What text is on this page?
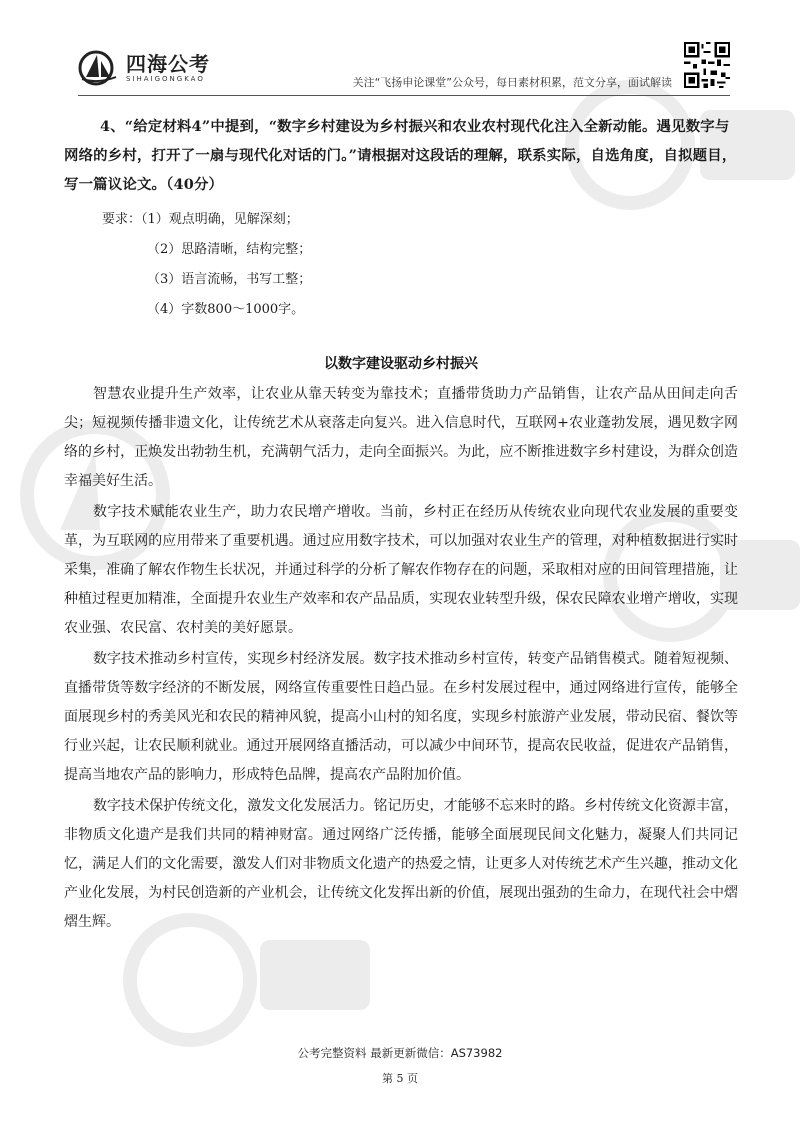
四海公考
SIHAIGONGKAO	关注“飞扬申论课堂”公众号，每日素材积累，范文分享，面试解读

4、“给定材料4”中提到，“数字乡村建设为乡村振兴和农业农村现代化注入全新动能。遇见数字与网络的乡村，打开了一扇与现代化对话的门。”请根据对这段话的理解，联系实际，自选角度，自拟题目，写一篇议论文。（40分）

要求：（1）观点明确，见解深刻；

（2）思路清晰，结构完整；

（3）语言流畅，书写工整；

（4）字数800～1000字。

以数字建设驱动乡村振兴

智慧农业提升生产效率，让农业从靠天转变为靠技术；直播带货助力产品销售，让农产品从田间走向舌尖；短视频传播非遗文化，让传统艺术从衰落走向复兴。进入信息时代，互联网+农业蓬勃发展，遇见数字网络的乡村，正焕发出勃勃生机，充满朝气活力，走向全面振兴。为此，应不断推进数字乡村建设，为群众创造幸福美好生活。

数字技术赋能农业生产，助力农民增产增收。当前，乡村正在经历从传统农业向现代农业发展的重要变革，为互联网的应用带来了重要机遇。通过应用数字技术，可以加强对农业生产的管理，对种植数据进行实时采集，准确了解农作物生长状况，并通过科学的分析了解农作物存在的问题，采取相对应的田间管理措施，让种植过程更加精准，全面提升农业生产效率和农产品品质，实现农业转型升级，保农民障农业增产增收，实现农业强、农民富、农村美的美好愿景。

数字技术推动乡村宣传，实现乡村经济发展。数字技术推动乡村宣传，转变产品销售模式。随着短视频、直播带货等数字经济的不断发展，网络宣传重要性日趋凸显。在乡村发展过程中，通过网络进行宣传，能够全面展现乡村的秀美风光和农民的精神风貌，提高小山村的知名度，实现乡村旅游产业发展，带动民宿、餐饮等行业兴起，让农民顺利就业。通过开展网络直播活动，可以减少中间环节，提高农民收益，促进农产品销售，提高当地农产品的影响力，形成特色品牌，提高农产品附加价值。

数字技术保护传统文化，激发文化发展活力。铭记历史，才能够不忘来时的路。乡村传统文化资源丰富，非物质文化遗产是我们共同的精神财富。通过网络广泛传播，能够全面展现民间文化魅力，凝聚人们共同记忆，满足人们的文化需要，激发人们对非物质文化遗产的热爱之情，让更多人对传统艺术产生兴趣，推动文化产业化发展，为村民创造新的产业机会，让传统文化发挥出新的价值，展现出强劲的生命力，在现代社会中熠熠生辉。

公考完整资料 最新更新微信：AS73982
第 5 页
